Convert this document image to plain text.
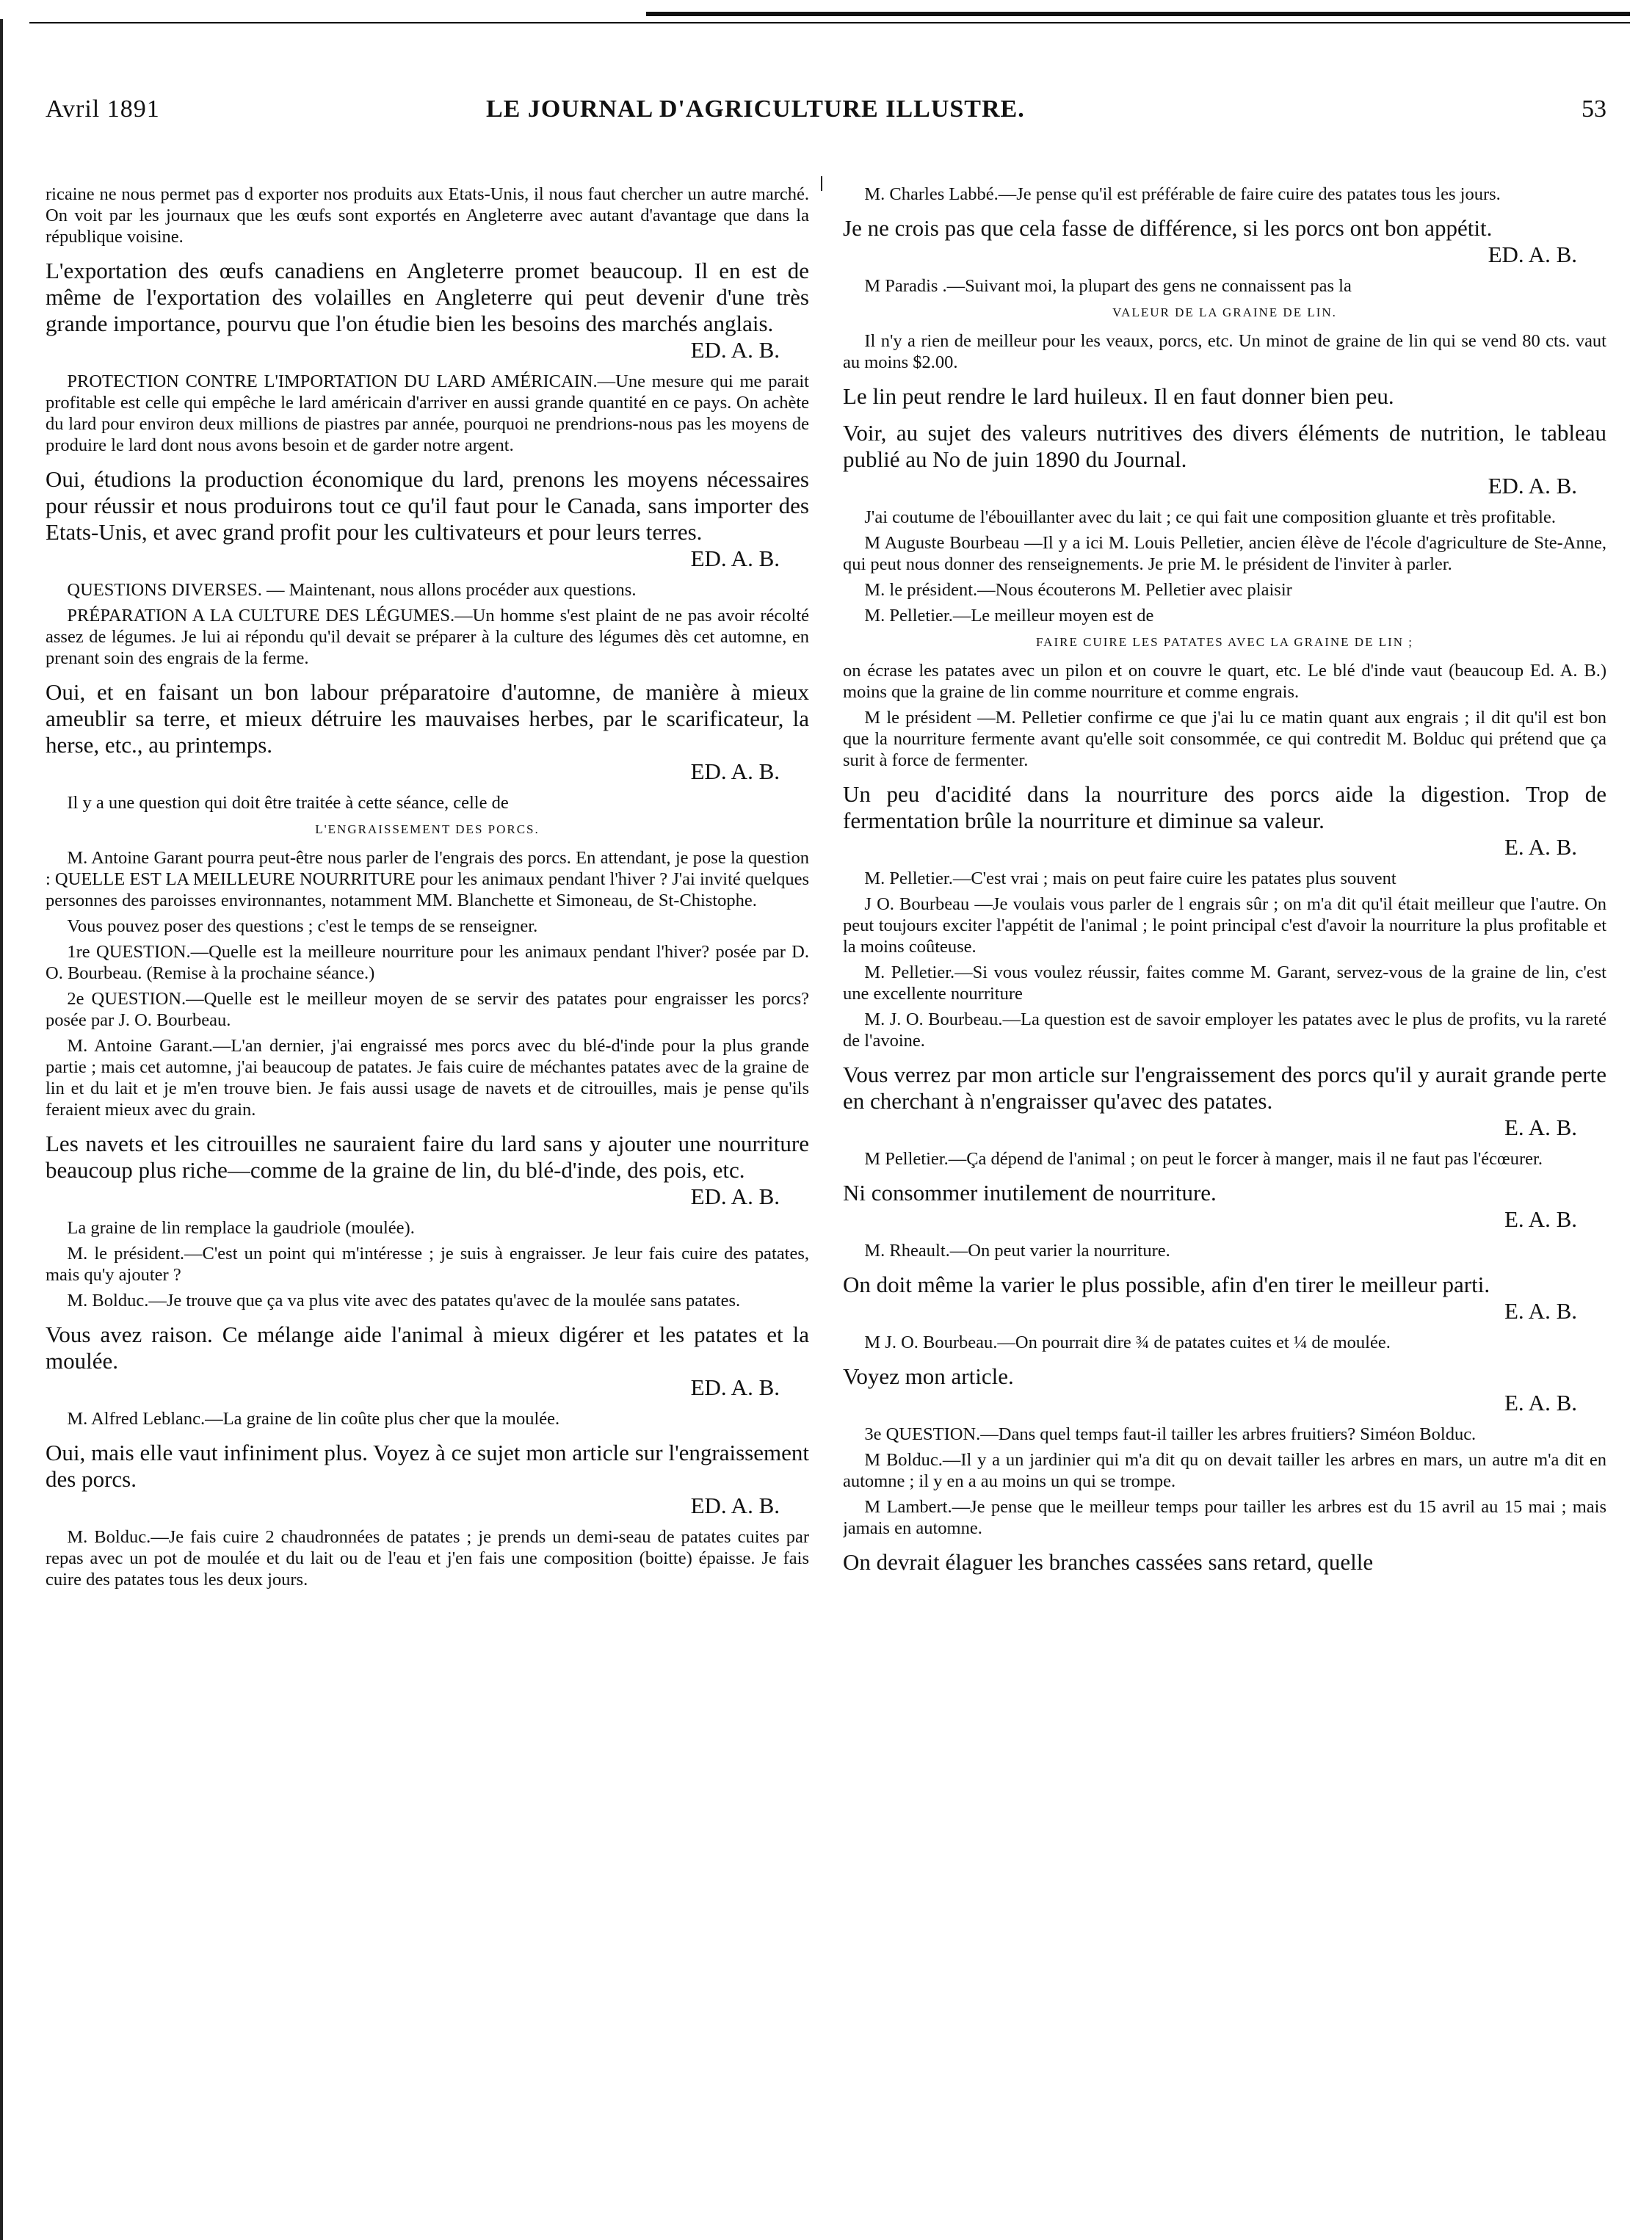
Avril 1891	LE JOURNAL D'AGRICULTURE ILLUSTRE.	53

ricaine ne nous permet pas d exporter nos produits aux Etats-Unis, il nous faut chercher un autre marché. On voit par les journaux que les œufs sont exportés en Angleterre avec autant d'avantage que dans la république voisine.

L'exportation des œufs canadiens en Angleterre promet beaucoup. Il en est de même de l'exportation des volailles en Angleterre qui peut devenir d'une très grande importance, pourvu que l'on étudie bien les besoins des marchés anglais.
ED. A. B.

PROTECTION CONTRE L'IMPORTATION DU LARD AMÉRICAIN.—Une mesure qui me parait profitable est celle qui empêche le lard américain d'arriver en aussi grande quantité en ce pays. On achète du lard pour environ deux millions de piastres par année, pourquoi ne prendrions-nous pas les moyens de produire le lard dont nous avons besoin et de garder notre argent.

Oui, étudions la production économique du lard, prenons les moyens nécessaires pour réussir et nous produirons tout ce qu'il faut pour le Canada, sans importer des Etats-Unis, et avec grand profit pour les cultivateurs et pour leurs terres.
ED. A. B.

QUESTIONS DIVERSES. — Maintenant, nous allons procéder aux questions.

PRÉPARATION A LA CULTURE DES LÉGUMES.—Un homme s'est plaint de ne pas avoir récolté assez de légumes. Je lui ai répondu qu'il devait se préparer à la culture des légumes dès cet automne, en prenant soin des engrais de la ferme.

Oui, et en faisant un bon labour préparatoire d'automne, de manière à mieux ameublir sa terre, et mieux détruire les mauvaises herbes, par le scarificateur, la herse, etc., au printemps.
ED. A. B.

Il y a une question qui doit être traitée à cette séance, celle de

L'ENGRAISSEMENT DES PORCS.

M. Antoine Garant pourra peut-être nous parler de l'engrais des porcs. En attendant, je pose la question : QUELLE EST LA MEILLEURE NOURRITURE pour les animaux pendant l'hiver ? J'ai invité quelques personnes des paroisses environnantes, notamment MM. Blanchette et Simoneau, de St-Chistophe.

Vous pouvez poser des questions ; c'est le temps de se renseigner.

1re QUESTION.—Quelle est la meilleure nourriture pour les animaux pendant l'hiver? posée par D. O. Bourbeau. (Remise à la prochaine séance.)

2e QUESTION.—Quelle est le meilleur moyen de se servir des patates pour engraisser les porcs? posée par J. O. Bourbeau.

M. Antoine Garant.—L'an dernier, j'ai engraissé mes porcs avec du blé-d'inde pour la plus grande partie ; mais cet automne, j'ai beaucoup de patates. Je fais cuire de méchantes patates avec de la graine de lin et du lait et je m'en trouve bien. Je fais aussi usage de navets et de citrouilles, mais je pense qu'ils feraient mieux avec du grain.

Les navets et les citrouilles ne sauraient faire du lard sans y ajouter une nourriture beaucoup plus riche—comme de la graine de lin, du blé-d'inde, des pois, etc.
ED. A. B.

La graine de lin remplace la gaudriole (moulée).

M. le président.—C'est un point qui m'intéresse ; je suis à engraisser. Je leur fais cuire des patates, mais qu'y ajouter ?

M. Bolduc.—Je trouve que ça va plus vite avec des patates qu'avec de la moulée sans patates.

Vous avez raison. Ce mélange aide l'animal à mieux digérer et les patates et la moulée.
ED. A. B.

M. Alfred Leblanc.—La graine de lin coûte plus cher que la moulée.

Oui, mais elle vaut infiniment plus. Voyez à ce sujet mon article sur l'engraissement des porcs.
ED. A. B.

M. Bolduc.—Je fais cuire 2 chaudronnées de patates ; je prends un demi-seau de patates cuites par repas avec un pot de moulée et du lait ou de l'eau et j'en fais une composition (boitte) épaisse. Je fais cuire des patates tous les deux jours.

M. Charles Labbé.—Je pense qu'il est préférable de faire cuire des patates tous les jours.

Je ne crois pas que cela fasse de différence, si les porcs ont bon appétit.
ED. A. B.

M Paradis .—Suivant moi, la plupart des gens ne connaissent pas la

VALEUR DE LA GRAINE DE LIN.

Il n'y a rien de meilleur pour les veaux, porcs, etc. Un minot de graine de lin qui se vend 80 cts. vaut au moins $2.00.

Le lin peut rendre le lard huileux. Il en faut donner bien peu.

Voir, au sujet des valeurs nutritives des divers éléments de nutrition, le tableau publié au No de juin 1890 du Journal.
ED. A. B.

J'ai coutume de l'ébouillanter avec du lait ; ce qui fait une composition gluante et très profitable.

M Auguste Bourbeau —Il y a ici M. Louis Pelletier, ancien élève de l'école d'agriculture de Ste-Anne, qui peut nous donner des renseignements. Je prie M. le président de l'inviter à parler.

M. le président.—Nous écouterons M. Pelletier avec plaisir

M. Pelletier.—Le meilleur moyen est de

FAIRE CUIRE LES PATATES AVEC LA GRAINE DE LIN ;

on écrase les patates avec un pilon et on couvre le quart, etc. Le blé d'inde vaut (beaucoup Ed. A. B.) moins que la graine de lin comme nourriture et comme engrais.

M le président —M. Pelletier confirme ce que j'ai lu ce matin quant aux engrais ; il dit qu'il est bon que la nourriture fermente avant qu'elle soit consommée, ce qui contredit M. Bolduc qui prétend que ça surit à force de fermenter.

Un peu d'acidité dans la nourriture des porcs aide la digestion. Trop de fermentation brûle la nourriture et diminue sa valeur.
E. A. B.

M. Pelletier.—C'est vrai ; mais on peut faire cuire les patates plus souvent

J O. Bourbeau —Je voulais vous parler de l engrais sûr ; on m'a dit qu'il était meilleur que l'autre. On peut toujours exciter l'appétit de l'animal ; le point principal c'est d'avoir la nourriture la plus profitable et la moins coûteuse.

M. Pelletier.—Si vous voulez réussir, faites comme M. Garant, servez-vous de la graine de lin, c'est une excellente nourriture

M. J. O. Bourbeau.—La question est de savoir employer les patates avec le plus de profits, vu la rareté de l'avoine.

Vous verrez par mon article sur l'engraissement des porcs qu'il y aurait grande perte en cherchant à n'engraisser qu'avec des patates.
E. A. B.

M Pelletier.—Ça dépend de l'animal ; on peut le forcer à manger, mais il ne faut pas l'écœurer.

Ni consommer inutilement de nourriture.
E. A. B.

M. Rheault.—On peut varier la nourriture.

On doit même la varier le plus possible, afin d'en tirer le meilleur parti.
E. A. B.

M J. O. Bourbeau.—On pourrait dire ¾ de patates cuites et ¼ de moulée.

Voyez mon article.
E. A. B.

3e QUESTION.—Dans quel temps faut-il tailler les arbres fruitiers? Siméon Bolduc.

M Bolduc.—Il y a un jardinier qui m'a dit qu on devait tailler les arbres en mars, un autre m'a dit en automne ; il y en a au moins un qui se trompe.

M Lambert.—Je pense que le meilleur temps pour tailler les arbres est du 15 avril au 15 mai ; mais jamais en automne.

On devrait élaguer les branches cassées sans retard, quelle
